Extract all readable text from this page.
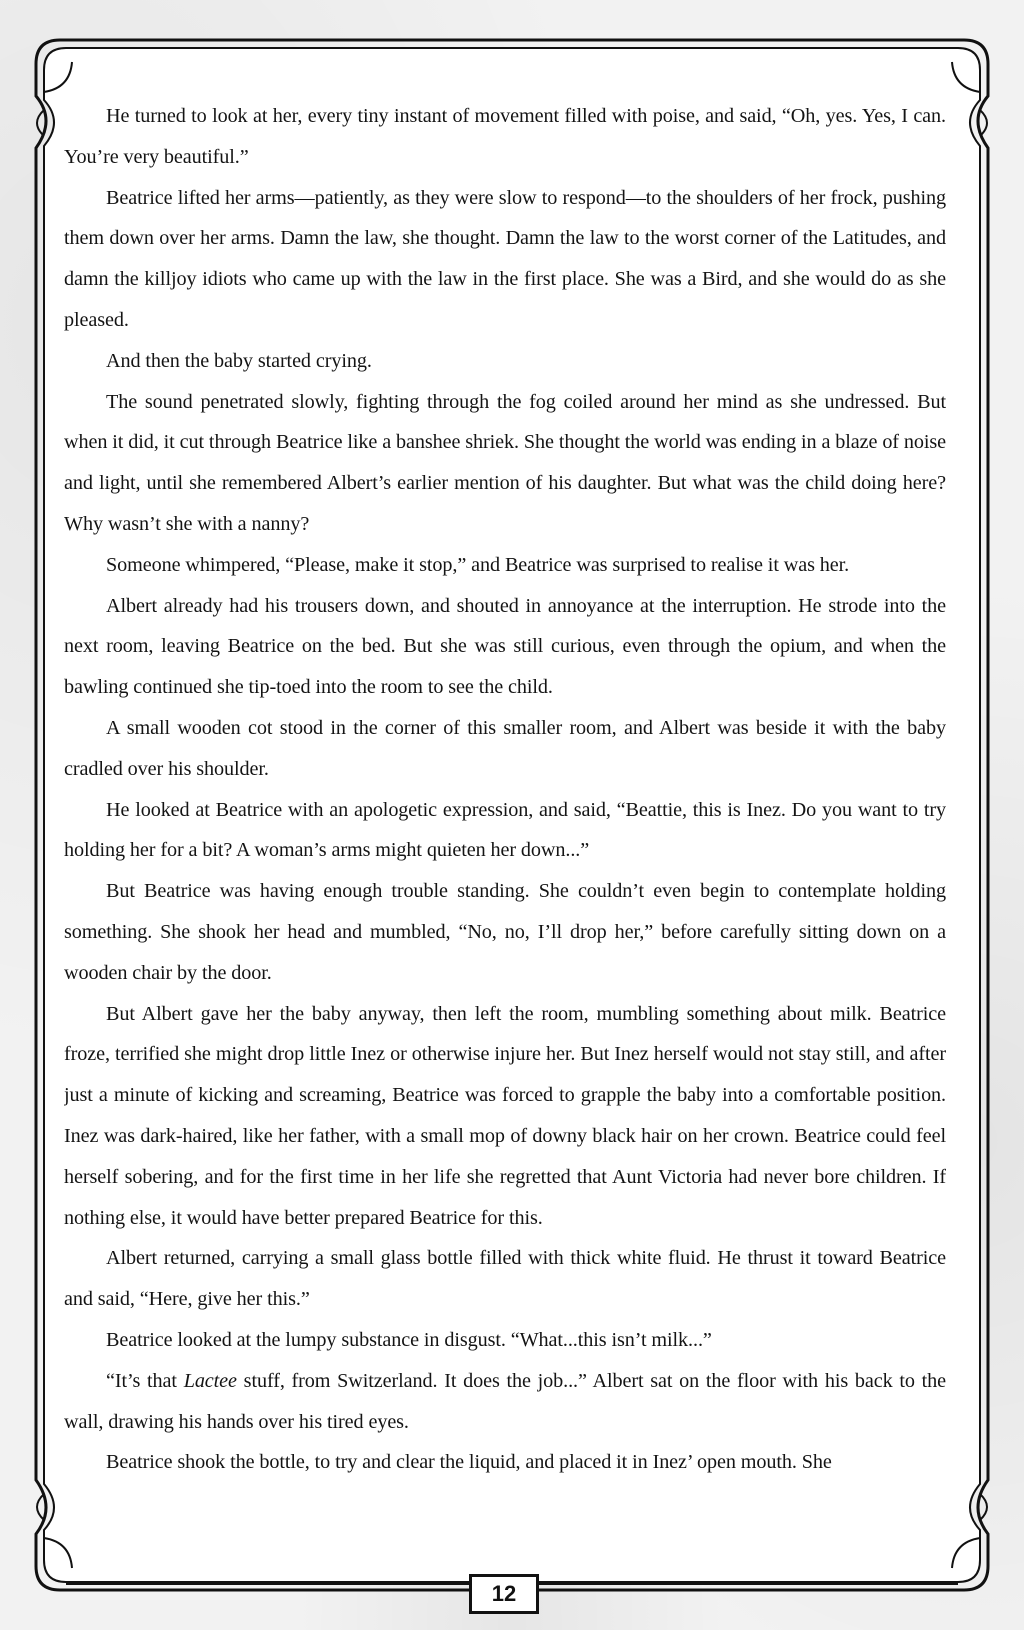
He turned to look at her, every tiny instant of movement filled with poise, and said, “Oh, yes. Yes, I can. You’re very beautiful.”

Beatrice lifted her arms—patiently, as they were slow to respond—to the shoulders of her frock, pushing them down over her arms. Damn the law, she thought. Damn the law to the worst corner of the Latitudes, and damn the killjoy idiots who came up with the law in the first place. She was a Bird, and she would do as she pleased.

And then the baby started crying.

The sound penetrated slowly, fighting through the fog coiled around her mind as she undressed. But when it did, it cut through Beatrice like a banshee shriek. She thought the world was ending in a blaze of noise and light, until she remembered Albert’s earlier mention of his daughter. But what was the child doing here? Why wasn’t she with a nanny?

Someone whimpered, “Please, make it stop,” and Beatrice was surprised to realise it was her.

Albert already had his trousers down, and shouted in annoyance at the interruption. He strode into the next room, leaving Beatrice on the bed. But she was still curious, even through the opium, and when the bawling continued she tip-toed into the room to see the child.

A small wooden cot stood in the corner of this smaller room, and Albert was beside it with the baby cradled over his shoulder.

He looked at Beatrice with an apologetic expression, and said, “Beattie, this is Inez. Do you want to try holding her for a bit? A woman’s arms might quieten her down...”

But Beatrice was having enough trouble standing. She couldn’t even begin to contemplate holding something. She shook her head and mumbled, “No, no, I’ll drop her,” before carefully sitting down on a wooden chair by the door.

But Albert gave her the baby anyway, then left the room, mumbling something about milk. Beatrice froze, terrified she might drop little Inez or otherwise injure her. But Inez herself would not stay still, and after just a minute of kicking and screaming, Beatrice was forced to grapple the baby into a comfortable position. Inez was dark-haired, like her father, with a small mop of downy black hair on her crown. Beatrice could feel herself sobering, and for the first time in her life she regretted that Aunt Victoria had never bore children. If nothing else, it would have better prepared Beatrice for this.

Albert returned, carrying a small glass bottle filled with thick white fluid. He thrust it toward Beatrice and said, “Here, give her this.”

Beatrice looked at the lumpy substance in disgust. “What...this isn’t milk...”

“It’s that Lactee stuff, from Switzerland. It does the job...” Albert sat on the floor with his back to the wall, drawing his hands over his tired eyes.

Beatrice shook the bottle, to try and clear the liquid, and placed it in Inez’ open mouth. She

12
